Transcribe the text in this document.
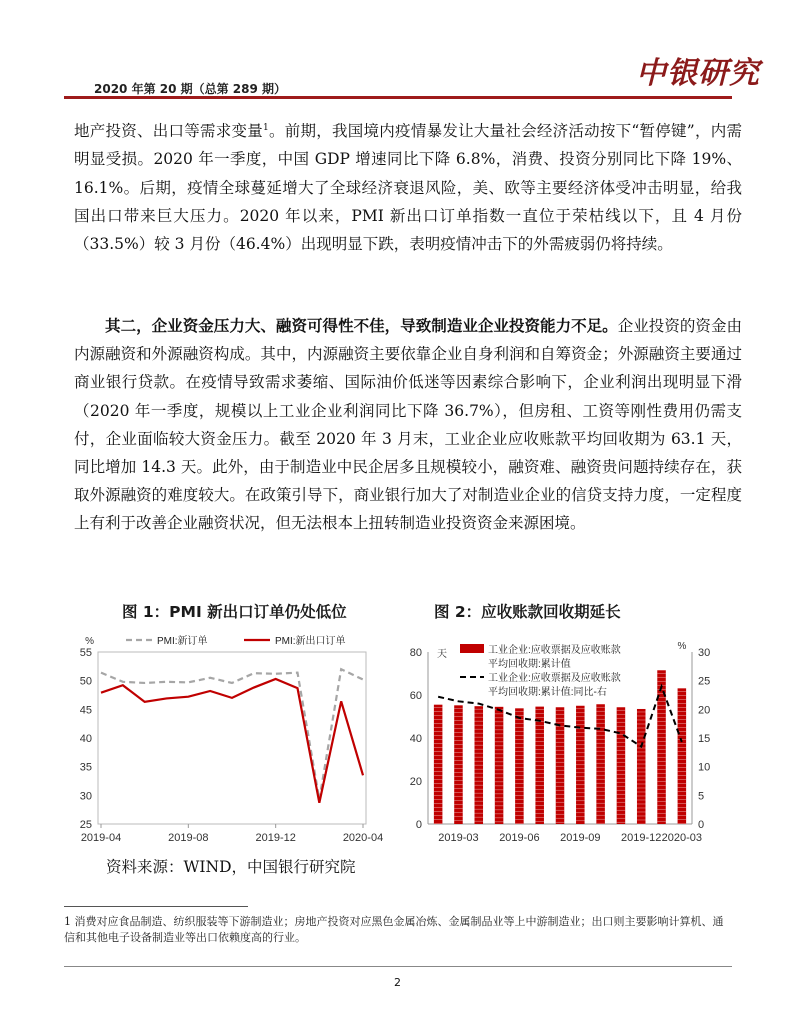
2020 年第 20 期（总第 289 期）	中银研究

地产投资、出口等需求变量$^1$。前期，我国境内疫情暴发让大量社会经济活动按下“暂停键”，内需明显受损。2020 年一季度，中国 GDP 增速同比下降 6.8%，消费、投资分别同比下降 19%、16.1%。后期，疫情全球蔓延增大了全球经济衰退风险，美、欧等主要经济体受冲击明显，给我国出口带来巨大压力。2020 年以来，PMI 新出口订单指数一直位于荣枯线以下，且 4 月份（33.5%）较 3 月份（46.4%）出现明显下跌，表明疫情冲击下的外需疲弱仍将持续。

其二，企业资金压力大、融资可得性不佳，导致制造业企业投资能力不足。企业投资的资金由内源融资和外源融资构成。其中，内源融资主要依靠企业自身利润和自筹资金；外源融资主要通过商业银行贷款。在疫情导致需求萎缩、国际油价低迷等因素综合影响下，企业利润出现明显下滑（2020 年一季度，规模以上工业企业利润同比下降 36.7%），但房租、工资等刚性费用仍需支付，企业面临较大资金压力。截至 2020 年 3 月末，工业企业应收账款平均回收期为 63.1 天，同比增加 14.3 天。此外，由于制造业中民企居多且规模较小，融资难、融资贵问题持续存在，获取外源融资的难度较大。在政策引导下，商业银行加大了对制造业企业的信贷支持力度，一定程度上有利于改善企业融资状况，但无法根本上扭转制造业投资资金来源困境。

图 1：PMI 新出口订单仍处低位	图 2：应收账款回收期延长
%
55
50
45
40
35
30
25
2019-04	2019-08	2019-12	2020-04
PMI:新订单	PMI:新出口订单
天
%
80
60
40
20
0
30
25
20
15
10
5
0
2019-03 2019-06 2019-09 2019-12 2020-03
工业企业:应收票据及应收账款
平均回收期:累计值
工业企业:应收票据及应收账款
平均回收期:累计值:同比-右
资料来源：WIND，中国银行研究院
1 消费对应食品制造、纺织服装等下游制造业；房地产投资对应黑色金属冶炼、金属制品业等上中游制造业；出口则主要影响计算机、通信和其他电子设备制造业等出口依赖度高的行业。
2
